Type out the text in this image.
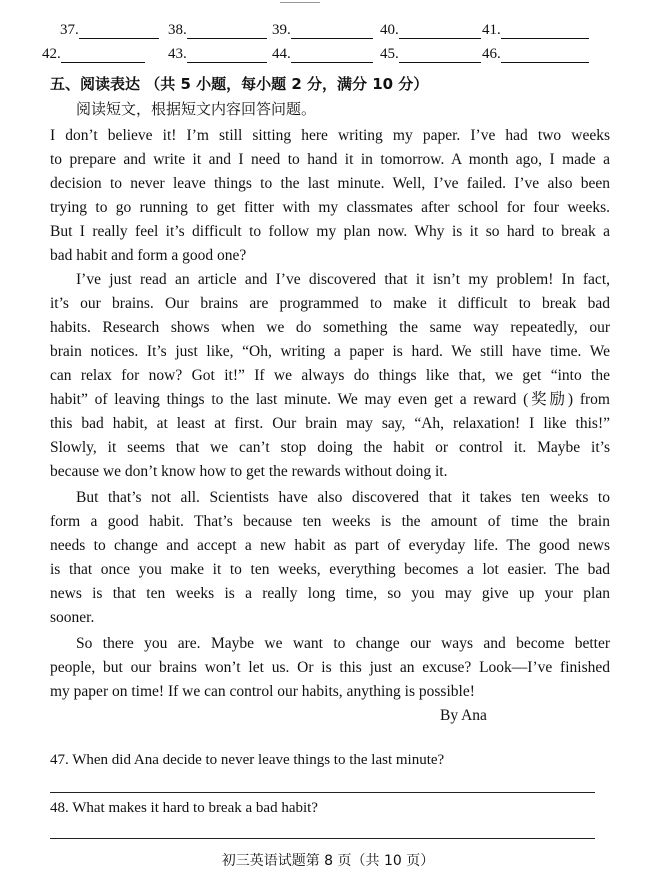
37.	38.	39.	40.	41.
42.	43.	44.	45.	46.
五、阅读表达 （共 5 小题，每小题 2 分，满分 10 分）
阅读短文，根据短文内容回答问题。
I don’t believe it! I’m still sitting here writing my paper. I’ve had two weeks
to prepare and write it and I need to hand it in tomorrow. A month ago, I made a
decision to never leave things to the last minute. Well, I’ve failed. I’ve also been
trying to go running to get fitter with my classmates after school for four weeks.
But I really feel it’s difficult to follow my plan now. Why is it so hard to break a
bad habit and form a good one?
I’ve just read an article and I’ve discovered that it isn’t my problem! In fact,
it’s our brains. Our brains are programmed to make it difficult to break bad
habits. Research shows when we do something the same way repeatedly, our
brain notices. It’s just like, “Oh, writing a paper is hard. We still have time. We
can relax for now? Got it!” If we always do things like that, we get “into the
habit” of leaving things to the last minute. We may even get a reward (奖励) from
this bad habit, at least at first. Our brain may say, “Ah, relaxation! I like this!”
Slowly, it seems that we can’t stop doing the habit or control it. Maybe it’s
because we don’t know how to get the rewards without doing it.
But that’s not all. Scientists have also discovered that it takes ten weeks to
form a good habit. That’s because ten weeks is the amount of time the brain
needs to change and accept a new habit as part of everyday life. The good news
is that once you make it to ten weeks, everything becomes a lot easier. The bad
news is that ten weeks is a really long time, so you may give up your plan
sooner.
So there you are. Maybe we want to change our ways and become better
people, but our brains won’t let us. Or is this just an excuse? Look—I’ve finished
my paper on time! If we can control our habits, anything is possible!
By Ana
47. When did Ana decide to never leave things to the last minute?
48. What makes it hard to break a bad habit?
初三英语试题第 8 页（共 10 页）
